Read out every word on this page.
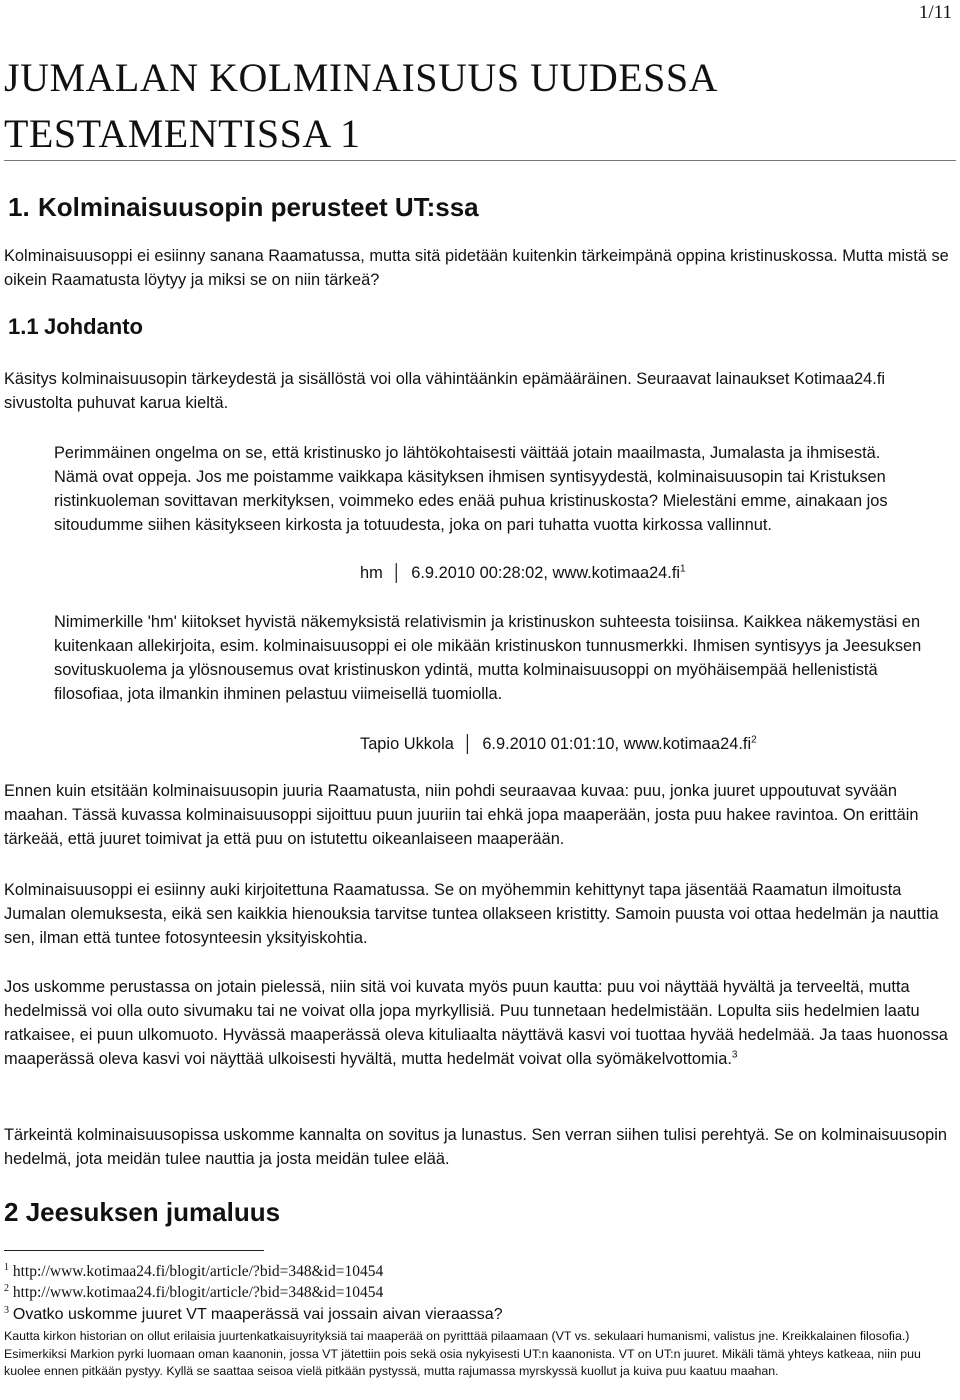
1/11
JUMALAN KOLMINAISUUS UUDESSA TESTAMENTISSA 1
1. Kolminaisuusopin perusteet UT:ssa

Kolminaisuusoppi ei esiinny sanana Raamatussa, mutta sitä pidetään kuitenkin tärkeimpänä oppina kristinuskossa. Mutta mistä se oikein Raamatusta löytyy ja miksi se on niin tärkeä?

1.1 Johdanto

Käsitys kolminaisuusopin tärkeydestä ja sisällöstä voi olla vähintäänkin epämääräinen. Seuraavat lainaukset Kotimaa24.fi sivustolta puhuvat karua kieltä.

Perimmäinen ongelma on se, että kristinusko jo lähtökohtaisesti väittää jotain maailmasta, Jumalasta ja ihmisestä. Nämä ovat oppeja. Jos me poistamme vaikkapa käsityksen ihmisen syntisyydestä, kolminaisuusopin tai Kristuksen ristinkuoleman sovittavan merkityksen, voimmeko edes enää puhua kristinuskosta? Mielestäni emme, ainakaan jos sitoudumme siihen käsitykseen kirkosta ja totuudesta, joka on pari tuhatta vuotta kirkossa vallinnut.

hm  │  6.9.2010 00:28:02, $www.kotimaa24.fi^1$

Nimimerkille 'hm' kiitokset hyvistä näkemyksistä relativismin ja kristinuskon suhteesta toisiinsa. Kaikkea näkemystäsi en kuitenkaan allekirjoita, esim. kolminaisuusoppi ei ole mikään kristinuskon tunnusmerkki. Ihmisen syntisyys ja Jeesuksen sovituskuolema ja ylösnousemus ovat kristinuskon ydintä, mutta kolminaisuusoppi on myöhäisempää hellenististä filosofiaa, jota ilmankin ihminen pelastuu viimeisellä tuomiolla.

Tapio Ukkola  │  6.9.2010 01:01:10, $www.kotimaa24.fi^2$

Ennen kuin etsitään kolminaisuusopin juuria Raamatusta, niin pohdi seuraavaa kuvaa: puu, jonka juuret uppoutuvat syvään maahan. Tässä kuvassa kolminaisuusoppi sijoittuu puun juuriin tai ehkä jopa maaperään, josta puu hakee ravintoa. On erittäin tärkeää, että juuret toimivat ja että puu on istutettu oikeanlaiseen maaperään.

Kolminaisuusoppi ei esiinny auki kirjoitettuna Raamatussa. Se on myöhemmin kehittynyt tapa jäsentää Raamatun ilmoitusta Jumalan olemuksesta, eikä sen kaikkia hienouksia tarvitse tuntea ollakseen kristitty. Samoin puusta voi ottaa hedelmän ja nauttia sen, ilman että tuntee fotosynteesin yksityiskohtia.

Jos uskomme perustassa on jotain pielessä, niin sitä voi kuvata myös puun kautta: puu voi näyttää hyvältä ja terveeltä, mutta hedelmissä voi olla outo sivumaku tai ne voivat olla jopa myrkyllisiä. Puu tunnetaan hedelmistään. Lopulta siis hedelmien laatu ratkaisee, ei puun ulkomuoto. Hyvässä maaperässä oleva kituliaalta näyttävä kasvi voi tuottaa hyvää hedelmää. Ja taas huonossa maaperässä oleva kasvi voi näyttää ulkoisesti hyvältä, mutta hedelmät voivat olla syömäkelvottomia.$^3$

Tärkeintä kolminaisuusopissa uskomme kannalta on sovitus ja lunastus. Sen verran siihen tulisi perehtyä. Se on kolminaisuusopin hedelmä, jota meidän tulee nauttia ja josta meidän tulee elää.

2 Jeesuksen jumaluus

$^1$ http://www.kotimaa24.fi/blogit/article/?bid=348&id=10454

$^2$ http://www.kotimaa24.fi/blogit/article/?bid=348&id=10454

$^3$ Ovatko uskomme juuret VT maaperässä vai jossain aivan vieraassa?

Kautta kirkon historian on ollut erilaisia juurtenkatkaisuyrityksiä tai maaperää on pyritttää pilaamaan (VT vs. sekulaari humanismi, valistus jne. Kreikkalainen filosofia.) Esimerkiksi Markion pyrki luomaan oman kaanonin, jossa VT jätettiin pois sekä osia nykyisesti UT:n kaanonista. VT on UT:n juuret. Mikäli tämä yhteys katkeaa, niin puu kuolee ennen pitkään pystyy. Kyllä se saattaa seisoa vielä pitkään pystyssä, mutta rajumassa myrskyssä kuollut ja kuiva puu kaatuu maahan.
